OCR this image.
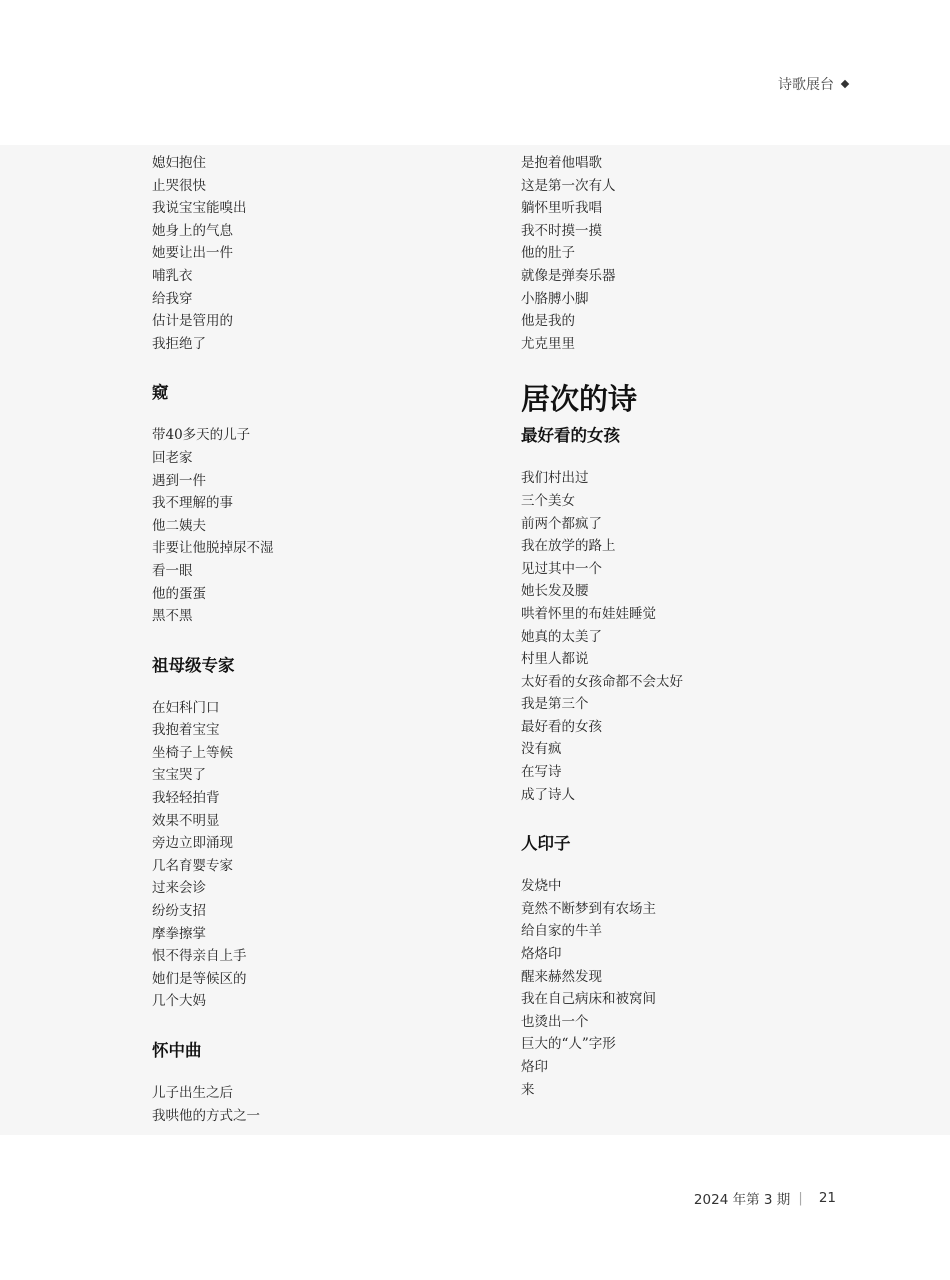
诗歌展台
媳妇抱住
止哭很快
我说宝宝能嗅出
她身上的气息
她要让出一件
哺乳衣
给我穿
估计是管用的
我拒绝了
窥
带40多天的儿子
回老家
遇到一件
我不理解的事
他二姨夫
非要让他脱掉尿不湿
看一眼
他的蛋蛋
黑不黑
祖母级专家
在妇科门口
我抱着宝宝
坐椅子上等候
宝宝哭了
我轻轻拍背
效果不明显
旁边立即涌现
几名育婴专家
过来会诊
纷纷支招
摩拳擦掌
恨不得亲自上手
她们是等候区的
几个大妈
怀中曲
儿子出生之后
我哄他的方式之一
是抱着他唱歌
这是第一次有人
躺怀里听我唱
我不时摸一摸
他的肚子
就像是弹奏乐器
小胳膊小脚
他是我的
尤克里里
居次的诗
最好看的女孩
我们村出过
三个美女
前两个都疯了
我在放学的路上
见过其中一个
她长发及腰
哄着怀里的布娃娃睡觉
她真的太美了
村里人都说
太好看的女孩命都不会太好
我是第三个
最好看的女孩
没有疯
在写诗
成了诗人
人印子
发烧中
竟然不断梦到有农场主
给自家的牛羊
烙烙印
醒来赫然发现
我在自己病床和被窝间
也烫出一个
巨大的“人”字形
烙印
来
2024 年第 3 期 | 21
